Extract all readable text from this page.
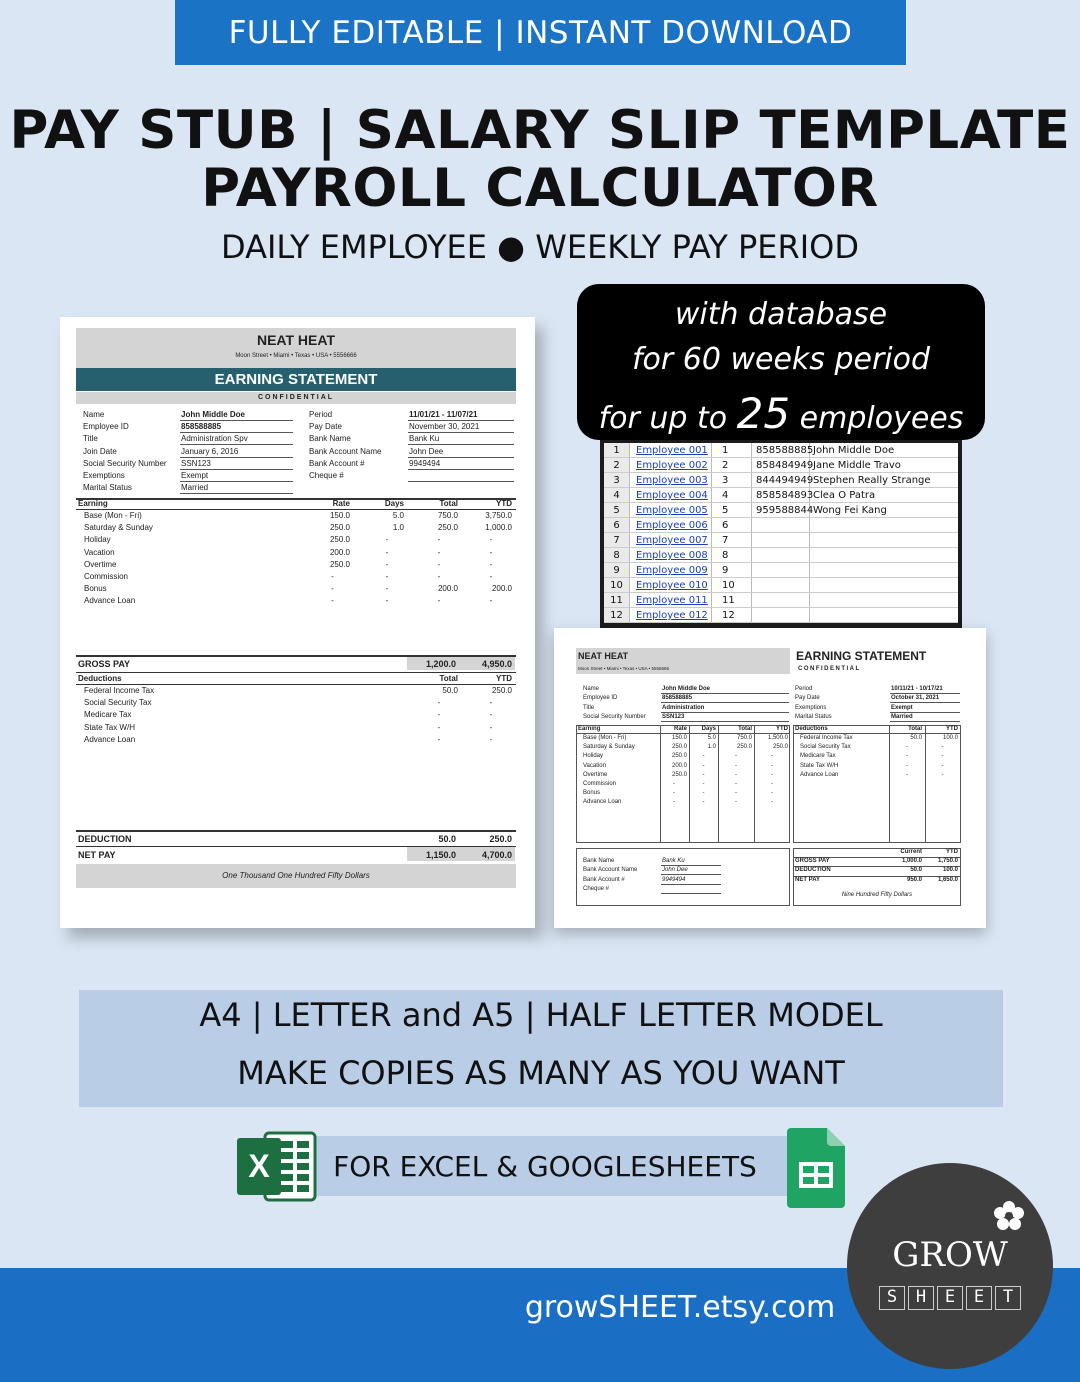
FULLY EDITABLE | INSTANT DOWNLOAD
PAY STUB | SALARY SLIP TEMPLATE
PAYROLL CALCULATOR
DAILY EMPLOYEE ● WEEKLY PAY PERIOD
NEAT HEAT
Moon Street • Miami • Texas • USA • 5556666
EARNING STATEMENT
CONFIDENTIAL
Name	John Middle Doe
Employee ID	858588885
Title	Administration Spv
Join Date	January 6, 2016
Social Security Number SSN123
Exemptions	Exempt
Marital Status	Married
Period	11/01/21 - 11/07/21
Pay Date	November 30, 2021
Bank Name	Bank Ku
Bank Account Name	John Dee
Bank Account #	9949494
Cheque #
Earning	Rate	Days	Total	YTD
Base (Mon - Fri)	150.0	5.0	750.0	3,750.0
Saturday & Sunday	250.0	1.0	250.0	1,000.0
Holiday	250.0	-	-	-
Vacation	200.0	-	-	-
Overtime	250.0	-	-	-
Commission	-	-	-	-
Bonus	-	-	200.0	200.0
Advance Loan	-	-	-	-
GROSS PAY	1,200.0	4,950.0
Deductions	Total	YTD
Federal Income Tax	50.0	250.0
Social Security Tax	-	-
Medicare Tax	-	-
State Tax W/H	-	-
Advance Loan	-	-
DEDUCTION	50.0	250.0
NET PAY	1,150.0	4,700.0
One Thousand One Hundred Fifty Dollars
1	Employee 001	1	858588885 John Middle Doe
2	Employee 002	2	858484949 Jane Middle Travo
3	Employee 003	3	844494949 Stephen Really Strange
4	Employee 004	4	858584893 Clea O Patra
5	Employee 005	5	959588844 Wong Fei Kang
6	Employee 006	6
7	Employee 007	7
8	Employee 008	8
9	Employee 009	9
10	Employee 010	10
11	Employee 011	11
12	Employee 012	12
with database
for 60 weeks period
for up to 25 employees
NEAT HEAT
Moon Street • Miami • Texas • USA • 5556666
EARNING STATEMENT
CONFIDENTIAL
Name	John Middle Doe
Employee ID	858588885
Title	Administration
Social Security Number	SSN123
Period	10/11/21 - 10/17/21
Pay Date	October 31, 2021
Exemptions	Exempt
Marital Status	Married
Earning	Rate	Days	Total	YTD
Base (Mon - Fri)	150.0	5.0	750.0	1,500.0
Saturday & Sunday	250.0	1.0	250.0	250.0
Holiday	250.0	-	-	-
Vacation	200.0	-	-	-
Overtime	250.0	-	-	-
Commission	-	-	-	-
Bonus	-	-	-	-
Advance Loan	-	-	-	-
Deductions	Total	YTD
Federal Income Tax	50.0	100.0
Social Security Tax	-	-
Medicare Tax	-	-
State Tax W/H	-	-
Advance Loan	-	-
Bank Name	Bank Ku
Bank Account Name	John Dee
Bank Account #	9949494
Cheque #
Current	YTD
GROSS PAY	1,000.0	1,750.0
DEDUCTION	50.0	100.0
NET PAY	950.0	1,650.0
Nine Hundred Fifty Dollars
A4 | LETTER and A5 | HALF LETTER MODEL
MAKE COPIES AS MANY AS YOU WANT
FOR EXCEL & GOOGLESHEETS
X
growSHEET.etsy.com
GROW
S	H	E	E	T
